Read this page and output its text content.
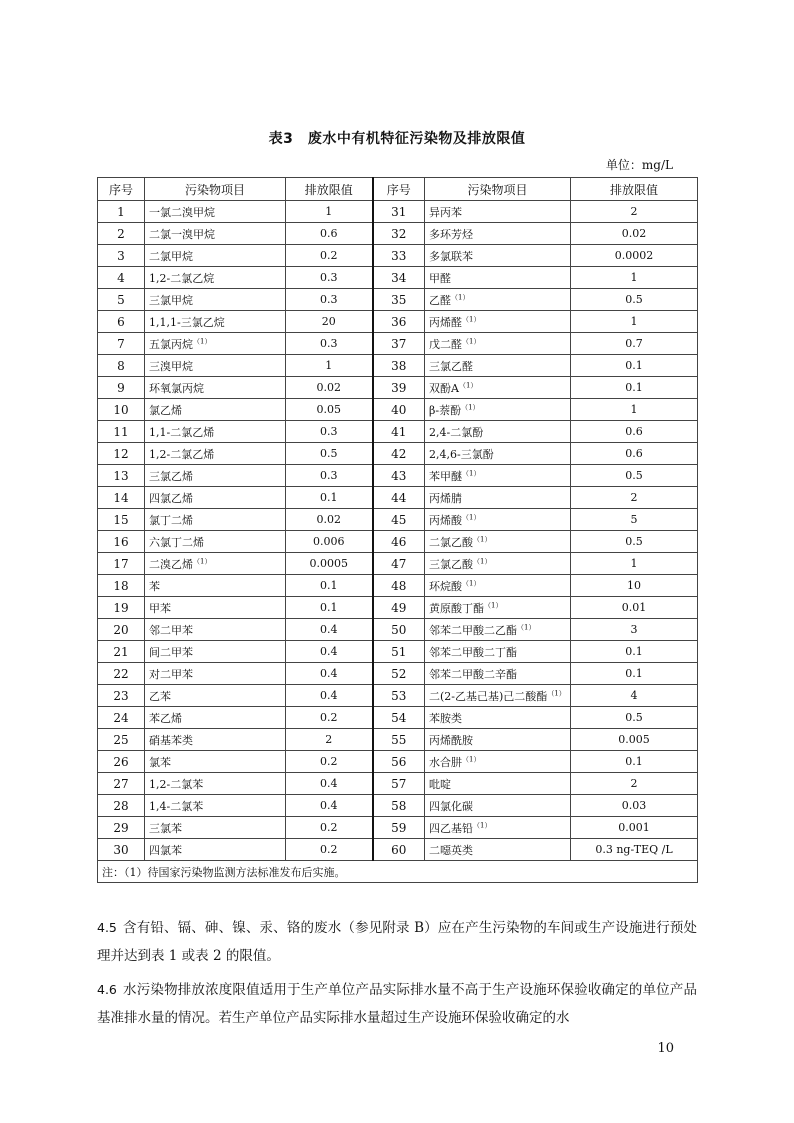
表3　废水中有机特征污染物及排放限值
单位：mg/L
序号	污染物项目	排放限值	序号	污染物项目	排放限值
1	一氯二溴甲烷	1	31	异丙苯	2
2	二氯一溴甲烷	0.6	32	多环芳烃	0.02
3	二氯甲烷	0.2	33	多氯联苯	0.0002
4	1,2-二氯乙烷	0.3	34	甲醛	1
5	三氯甲烷	0.3	35	乙醛$^{(1)}$	0.5
6	1,1,1-三氯乙烷	20	36	丙烯醛$^{(1)}$	1
7	五氯丙烷$^{(1)}$	0.3	37	戊二醛$^{(1)}$	0.7
8	三溴甲烷	1	38	三氯乙醛	0.1
9	环氧氯丙烷	0.02	39	双酚$A^{(1)}$	0.1
10	氯乙烯	0.05	40	β-萘酚$^{(1)}$	1
11	1,1-二氯乙烯	0.3	41	2,4-二氯酚	0.6
12	1,2-二氯乙烯	0.5	42	2,4,6-三氯酚	0.6
13	三氯乙烯	0.3	43	苯甲醚$^{(1)}$	0.5
14	四氯乙烯	0.1	44	丙烯腈	2
15	氯丁二烯	0.02	45	丙烯酸$^{(1)}$	5
16	六氯丁二烯	0.006	46	二氯乙酸$^{(1)}$	0.5
17	二溴乙烯$^{(1)}$	0.0005	47	三氯乙酸$^{(1)}$	1
18	苯	0.1	48	环烷酸$^{(1)}$	10
19	甲苯	0.1	49	黄原酸丁酯$^{(1)}$	0.01
20	邻二甲苯	0.4	50	邻苯二甲酸二乙酯$^{(1)}$	3
21	间二甲苯	0.4	51	邻苯二甲酸二丁酯	0.1
22	对二甲苯	0.4	52	邻苯二甲酸二辛酯	0.1
23	乙苯	0.4	53	二(2-乙基己基)己二酸酯$^{(1)}$	4
24	苯乙烯	0.2	54	苯胺类	0.5
25	硝基苯类	2	55	丙烯酰胺	0.005
26	氯苯	0.2	56	水合肼$^{(1)}$	0.1
27	1,2-二氯苯	0.4	57	吡啶	2
28	1,4-二氯苯	0.4	58	四氯化碳	0.03
29	三氯苯	0.2	59	四乙基铅$^{(1)}$	0.001
30	四氯苯	0.2	60	二噁英类	0.3 ng-TEQ /L
注：（1）待国家污染物监测方法标准发布后实施。					
4.5 含有铅、镉、砷、镍、汞、铬的废水（参见附录 B）应在产生污染物的车间或生产设施进行预处理并达到表 1 或表 2 的限值。
4.6 水污染物排放浓度限值适用于生产单位产品实际排水量不高于生产设施环保验收确定的单位产品基准排水量的情况。若生产单位产品实际排水量超过生产设施环保验收确定的水
10
